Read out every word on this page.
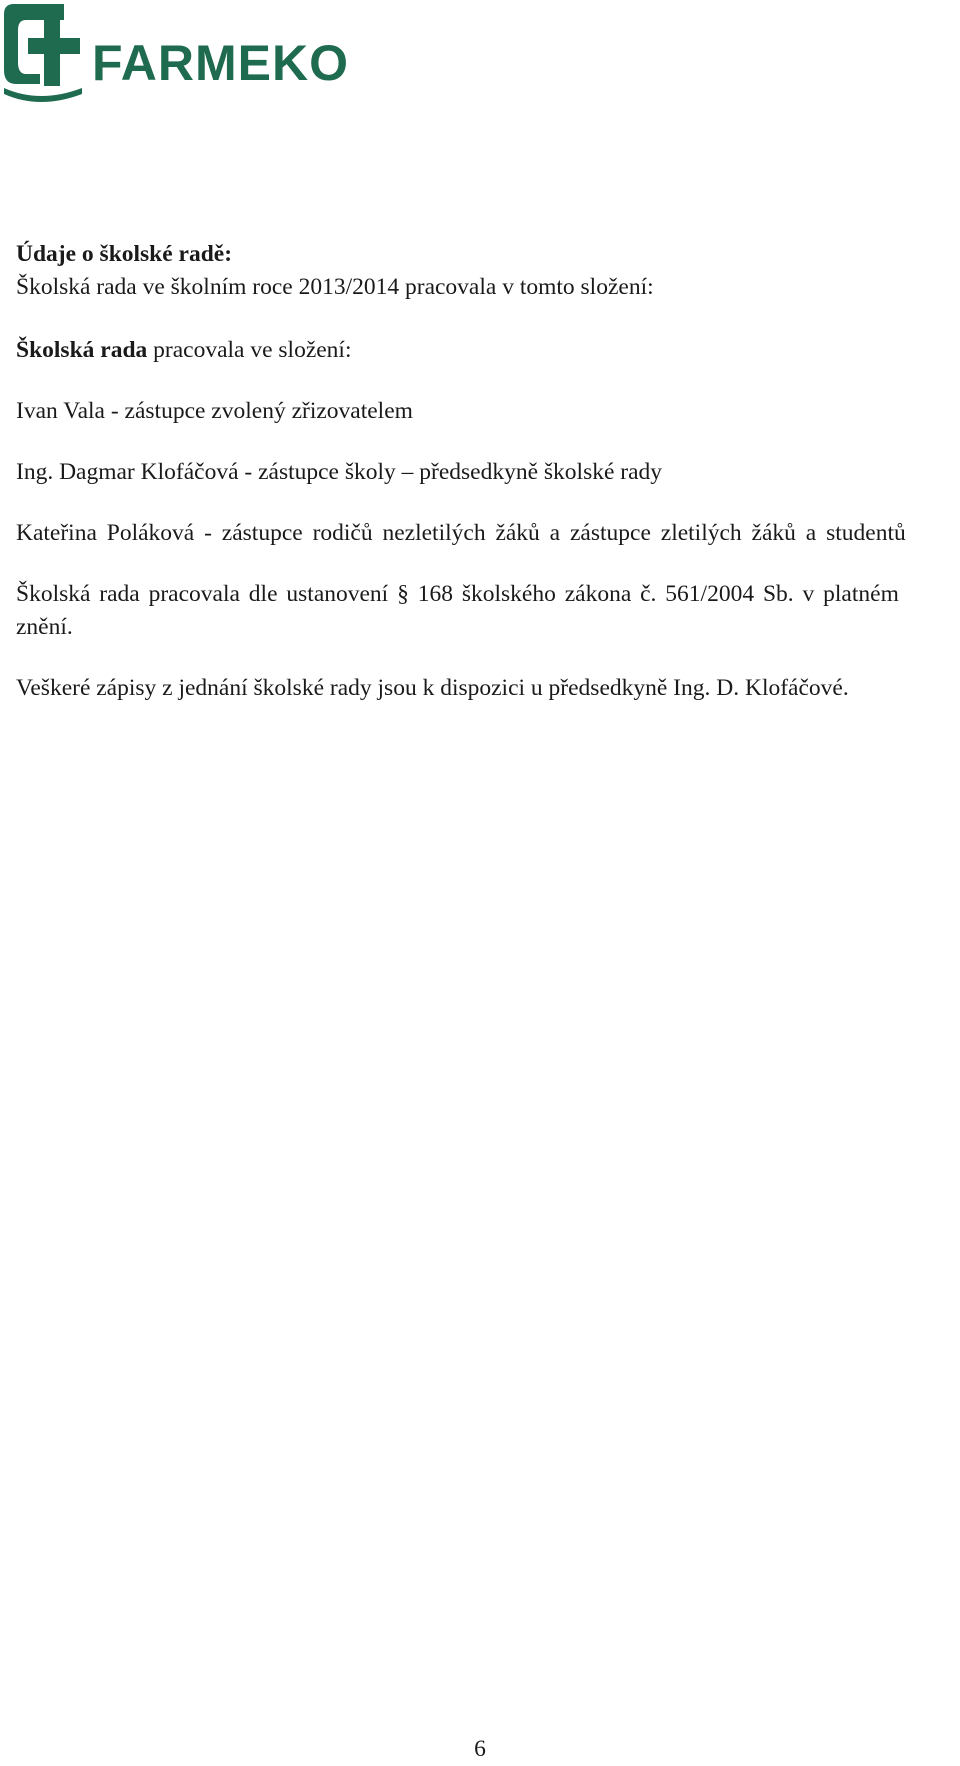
FARMEKO

Údaje o školské radě:

Školská rada ve školním roce 2013/2014 pracovala v tomto složení:

Školská rada pracovala ve složení:

Ivan Vala - zástupce zvolený zřizovatelem

Ing. Dagmar Klofáčová - zástupce školy – předsedkyně školské rady

Kateřina Poláková - zástupce rodičů nezletilých žáků a zástupce zletilých žáků a studentů

Školská rada pracovala dle ustanovení § 168 školského zákona č. 561/2004 Sb. v platném znění.

Veškeré zápisy z jednání školské rady jsou k dispozici u předsedkyně Ing. D. Klofáčové.

6
